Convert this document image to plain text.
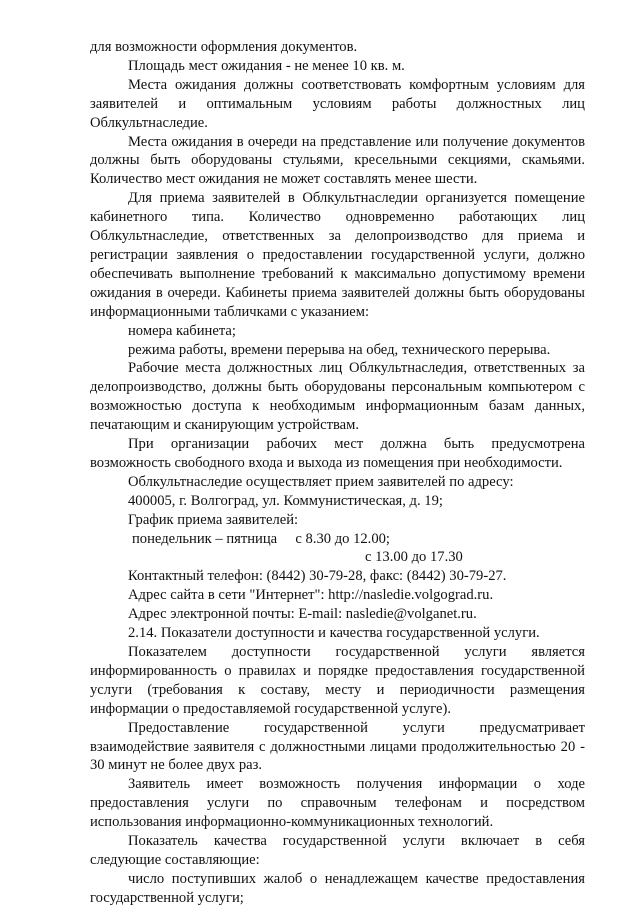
для возможности оформления документов.

Площадь мест ожидания - не менее 10 кв. м.

Места ожидания должны соответствовать комфортным условиям для заявителей и оптимальным условиям работы должностных лиц Облкультнаследие.

Места ожидания в очереди на представление или получение документов должны быть оборудованы стульями, кресельными секциями, скамьями. Количество мест ожидания не может составлять менее шести.

Для приема заявителей в Облкультнаследии организуется помещение кабинетного типа. Количество одновременно работающих лиц Облкультнаследие, ответственных за делопроизводство для приема и регистрации заявления о предоставлении государственной услуги, должно обеспечивать выполнение требований к максимально допустимому времени ожидания в очереди. Кабинеты приема заявителей должны быть оборудованы информационными табличками с указанием:

номера кабинета;

режима работы, времени перерыва на обед, технического перерыва.

Рабочие места должностных лиц Облкультнаследия, ответственных за делопроизводство, должны быть оборудованы персональным компьютером с возможностью доступа к необходимым информационным базам данных, печатающим и сканирующим устройствам.

При организации рабочих мест должна быть предусмотрена возможность свободного входа и выхода из помещения при необходимости.

Облкультнаследие осуществляет прием заявителей по адресу:

400005, г. Волгоград, ул. Коммунистическая, д. 19;

График приема заявителей:

понедельник – пятница     с 8.30 до 12.00;

с 13.00 до 17.30

Контактный телефон: (8442) 30-79-28, факс: (8442) 30-79-27.

Адрес сайта в сети "Интернет": http://nasledie.volgograd.ru.

Адрес электронной почты: E-mail: nasledie@volganet.ru.

2.14. Показатели доступности и качества государственной услуги.

Показателем доступности государственной услуги является информированность о правилах и порядке предоставления государственной услуги (требования к составу, месту и периодичности размещения информации о предоставляемой государственной услуге).

Предоставление государственной услуги предусматривает взаимодействие заявителя с должностными лицами продолжительностью 20 - 30 минут не более двух раз.

Заявитель имеет возможность получения информации о ходе предоставления услуги по справочным телефонам и посредством использования информационно-коммуникационных технологий.

Показатель качества государственной услуги включает в себя следующие составляющие:

число поступивших жалоб о ненадлежащем качестве предоставления государственной услуги;
